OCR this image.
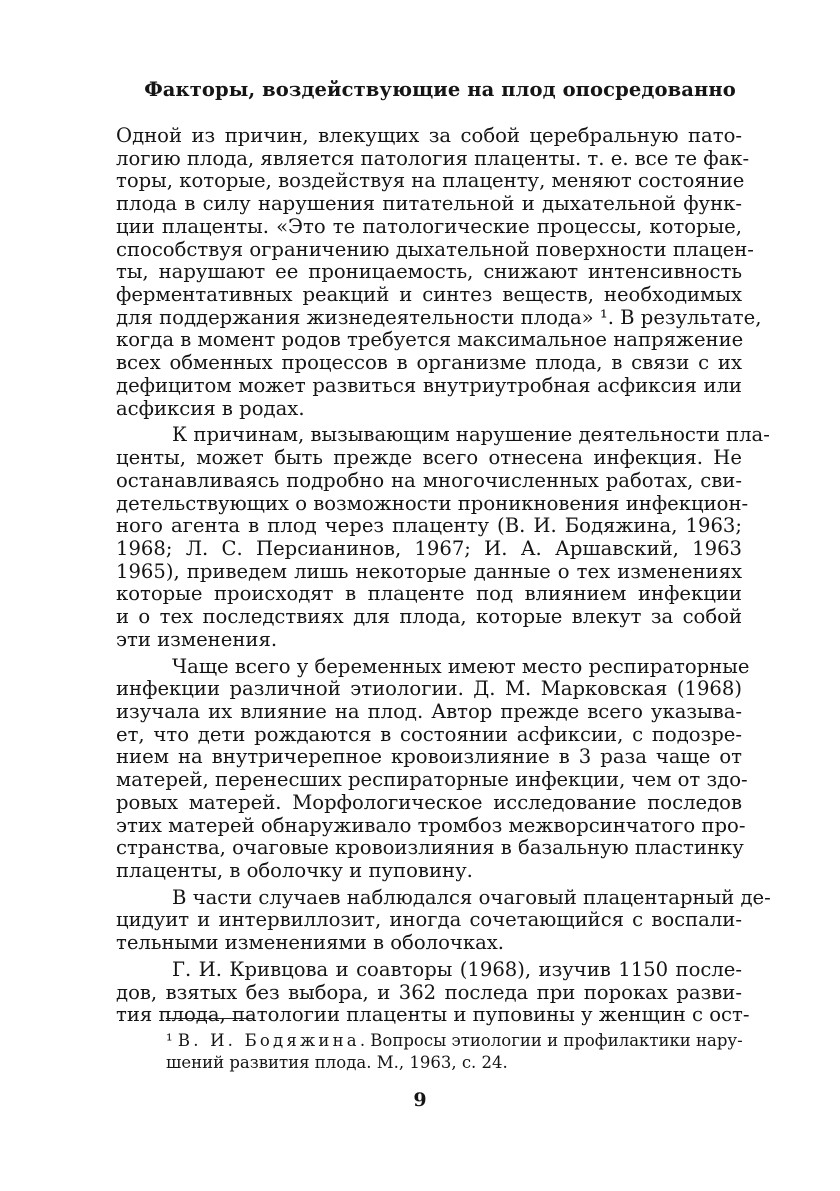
Факторы, воздействующие на плод опосредованно

Одной из причин, влекущих за собой церебральную пато-
логию плода, является патология плаценты. т. е. все те фак-
торы, которые, воздействуя на плаценту, меняют состояние
плода в силу нарушения питательной и дыхательной функ-
ции плаценты. «Это те патологические процессы, которые,
способствуя ограничению дыхательной поверхности плацен-
ты, нарушают ее проницаемость, снижают интенсивность
ферментативных реакций и синтез веществ, необходимых
для поддержания жизнедеятельности плода» ¹. В результате,
когда в момент родов требуется максимальное напряжение
всех обменных процессов в организме плода, в связи с их
дефицитом может развиться внутриутробная асфиксия или
асфиксия в родах.

К причинам, вызывающим нарушение деятельности пла-
центы, может быть прежде всего отнесена инфекция. Не
останавливаясь подробно на многочисленных работах, сви-
детельствующих о возможности проникновения инфекцион-
ного агента в плод через плаценту (В. И. Бодяжина, 1963;
1968; Л. С. Персианинов, 1967; И. А. Аршавский, 1963
1965), приведем лишь некоторые данные о тех изменениях
которые происходят в плаценте под влиянием инфекции
и о тех последствиях для плода, которые влекут за собой
эти изменения.

Чаще всего у беременных имеют место респираторные
инфекции различной этиологии. Д. М. Марковская (1968)
изучала их влияние на плод. Автор прежде всего указыва-
ет, что дети рождаются в состоянии асфиксии, с подозре-
нием на внутричерепное кровоизлияние в 3 раза чаще от
матерей, перенесших респираторные инфекции, чем от здо-
ровых матерей. Морфологическое исследование последов
этих матерей обнаруживало тромбоз межворсинчатого про-
странства, очаговые кровоизлияния в базальную пластинку
плаценты, в оболочку и пуповину.

В части случаев наблюдался очаговый плацентарный де-
цидуит и интервиллозит, иногда сочетающийся с воспали-
тельными изменениями в оболочках.

Г. И. Кривцова и соавторы (1968), изучив 1150 после-
дов, взятых без выбора, и 362 последа при пороках разви-
тия плода, патологии плаценты и пуповины у женщин с ост-

¹ В. И. Бодяжина. Вопросы этиологии и профилактики нару-
шений развития плода. М., 1963, с. 24.
9
